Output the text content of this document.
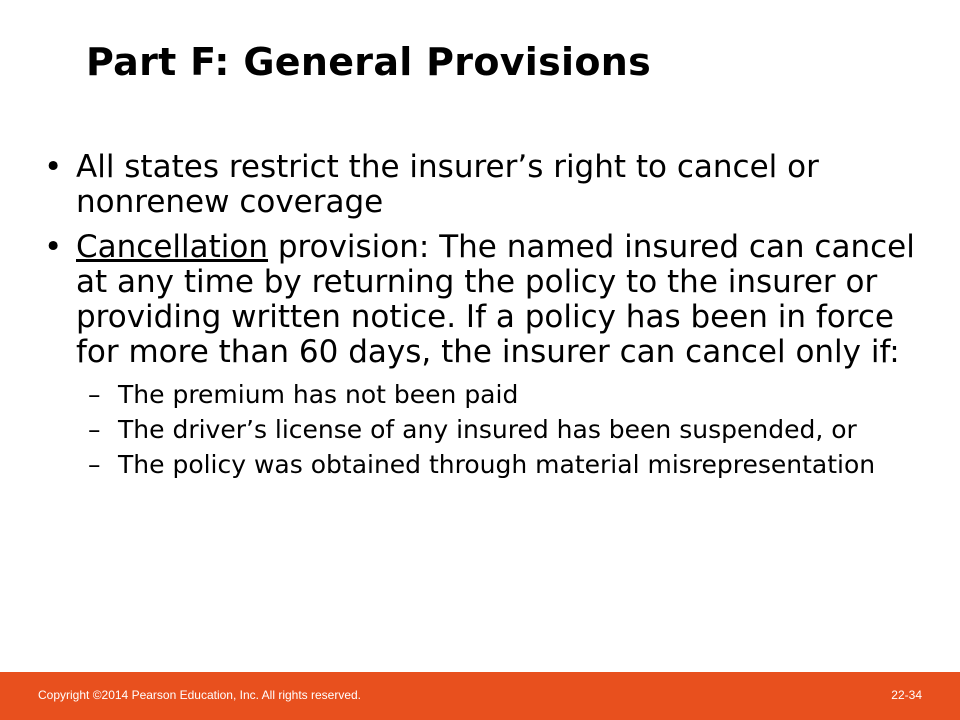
Part F: General Provisions
• All states restrict the insurer’s right to cancel or nonrenew coverage
• Cancellation provision: The named insured can cancel at any time by returning the policy to the insurer or providing written notice. If a policy has been in force for more than 60 days, the insurer can cancel only if:
– The premium has not been paid
– The driver’s license of any insured has been suspended, or
– The policy was obtained through material misrepresentation
Copyright ©2014 Pearson Education, Inc. All rights reserved.	22-34
